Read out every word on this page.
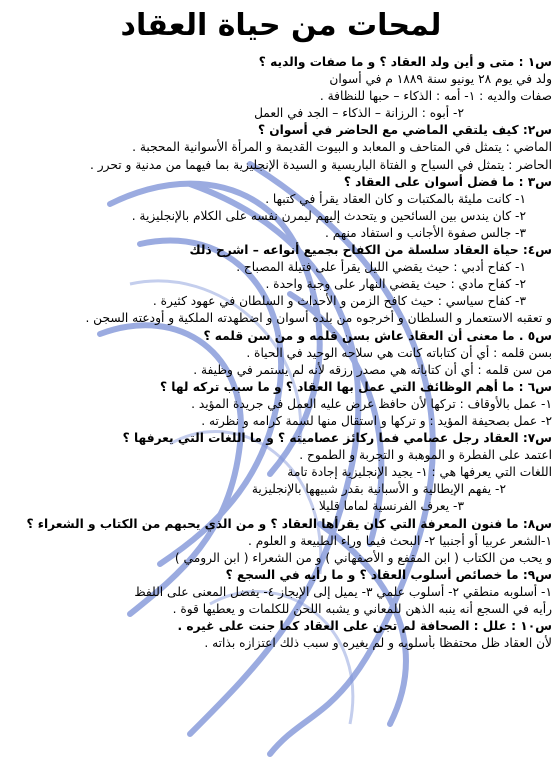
لمحات من حياة العقاد
س١ : متى و أين ولد العقاد ؟ و ما صفات والديه ؟
ولد في يوم ٢٨ يونيو سنة ١٨٨٩ م في أسوان
صفات والديه : ١- أمه : الذكاء – حبها للنظافة .
٢- أبوه : الرزانة – الذكاء – الجد في العمل
س٢: كيف يلتقي الماضي مع الحاضر في أسوان ؟
الماضي : يتمثل في المتاحف و المعابد و البيوت القديمة و المرأة الأسوانية المحجبة .
الحاضر : يتمثل في السياح و الفتاة الباريسية و السيدة الإنجليزية بما فيهما من مدنية و تحرر .
س٣ : ما فضل أسوان على العقاد ؟
١- كانت مليئة بالمكتبات و كان العقاد يقرأ في كتبها .
٢- كان يندس بين السائحين و يتحدث إليهم ليمرن نفسه على الكلام بالإنجليزية .
٣- جالس صفوة الأجانب و استفاد منهم .
س٤: حياة العقاد سلسلة من الكفاح بجميع أنواعه – اشرح ذلك
١- كفاح أدبي : حيث يقضي الليل يقرأ على فتيلة المصباح .
٢- كفاح مادي : حيث يقضي النهار على وجبة واحدة .
٣- كفاح سياسي : حيث كافح الزمن و الأحداث و السلطان في عهود كثيرة .
و تعقبه الاستعمار و السلطان و أخرجوه من بلده أسوان و اضطهدته الملكية و أودعته السجن .
س٥ . ما معنى أن العقاد عاش بسن قلمه و من سن قلمه ؟
بسن قلمه : أي أن كتاباته كانت هي سلاحه الوحيد في الحياة .
من سن قلمه : أي أن كتاباته هي مصدر رزقه لأنه لم يستمر في وظيفة .
س٦ : ما أهم الوظائف التي عمل بها العقاد ؟ و ما سبب تركه لها ؟
١- عمل بالأوقاف : تركها لأن حافظ عرض عليه العمل في جريدة المؤيد .
٢- عمل بصحيفة المؤيد : و تركها و استقال منها لسمة كرامه و نظرته .
س٧: العقاد رجل عصامي فما ركائز عصاميته ؟ و ما اللغات التي يعرفها ؟
اعتمد على الفطرة و الموهبة و التجربة و الطموح .
اللغات التي يعرفها هي : ١- يجيد الإنجليزية إجادة تامة
٢- يفهم الإيطالية و الأسبانية بقدر شبيهها بالإنجليزية
٣- يعرف الفرنسية لماما قليلا .
س٨: ما فنون المعرفة التي كان يقرأها العقاد ؟ و من الذي يحبهم من الكتاب و الشعراء ؟
١-الشعر عربيا أو أجنبيا ٢- البحث فيما وراء الطبيعة و العلوم .
و يحب من الكتاب ( ابن المقفع و الأصفهاني ) و من الشعراء ( ابن الرومي )
س٩: ما خصائص أسلوب العقاد ؟ و ما رأيه في السجع ؟
١- أسلوبه منطقي ٢- أسلوب علمي ٣- يميل إلى الإيجاز ٤- يفضل المعنى على اللفظ
رأيه في السجع أنه ينبه الذهن للمعاني و يشبه اللحن للكلمات و يعطيها قوة .
س١٠ : علل : الصحافة لم تجن على العقاد كما جنت على غيره .
لأن العقاد ظل محتفظا بأسلوبه و لم يغيره و سبب ذلك اعتزازه بذاته .
